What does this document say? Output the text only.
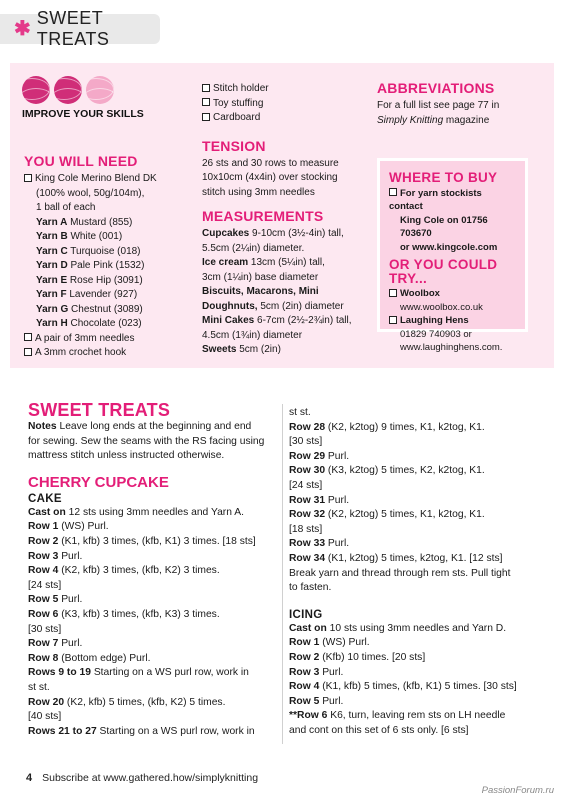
✱ SWEET TREATS
IMPROVE YOUR SKILLS
YOU WILL NEED
King Cole Merino Blend DK
(100% wool, 50g/104m),
1 ball of each
Yarn A Mustard (855)
Yarn B White (001)
Yarn C Turquoise (018)
Yarn D Pale Pink (1532)
Yarn E Rose Hip (3091)
Yarn F Lavender (927)
Yarn G Chestnut (3089)
Yarn H Chocolate (023)
A pair of 3mm needles
A 3mm crochet hook
Stitch holder
Toy stuffing
Cardboard
TENSION
26 sts and 30 rows to measure
10x10cm (4x4in) over stocking
stitch using 3mm needles
MEASUREMENTS
Cupcakes 9-10cm (3½-4in) tall,
5.5cm (2¼in) diameter.
Ice cream 13cm (5¼in) tall,
3cm (1¼in) base diameter
Biscuits, Macarons, Mini
Doughnuts, 5cm (2in) diameter
Mini Cakes 6-7cm (2½-2¾in) tall,
4.5cm (1¾in) diameter
Sweets 5cm (2in)
ABBREVIATIONS
For a full list see page 77 in
Simply Knitting magazine
WHERE TO BUY
For yarn stockists contact
King Cole on 01756 703670
or www.kingcole.com
OR YOU COULD TRY...
Woolbox
www.woolbox.co.uk
Laughing Hens
01829 740903 or
www.laughinghens.com.
SWEET TREATS
Notes Leave long ends at the beginning and end
for sewing. Sew the seams with the RS facing using
mattress stitch unless instructed otherwise.
CHERRY CUPCAKE
CAKE
Cast on 12 sts using 3mm needles and Yarn A.
Row 1 (WS) Purl.
Row 2 (K1, kfb) 3 times, (kfb, K1) 3 times. [18 sts]
Row 3 Purl.
Row 4 (K2, kfb) 3 times, (kfb, K2) 3 times.
[24 sts]
Row 5 Purl.
Row 6 (K3, kfb) 3 times, (kfb, K3) 3 times.
[30 sts]
Row 7 Purl.
Row 8 (Bottom edge) Purl.
Rows 9 to 19 Starting on a WS purl row, work in
st st.
Row 20 (K2, kfb) 5 times, (kfb, K2) 5 times.
[40 sts]
Rows 21 to 27 Starting on a WS purl row, work in
st st.
Row 28 (K2, k2tog) 9 times, K1, k2tog, K1.
[30 sts]
Row 29 Purl.
Row 30 (K3, k2tog) 5 times, K2, k2tog, K1.
[24 sts]
Row 31 Purl.
Row 32 (K2, k2tog) 5 times, K1, k2tog, K1.
[18 sts]
Row 33 Purl.
Row 34 (K1, k2tog) 5 times, k2tog, K1. [12 sts]
Break yarn and thread through rem sts. Pull tight
to fasten.
ICING
Cast on 10 sts using 3mm needles and Yarn D.
Row 1 (WS) Purl.
Row 2 (Kfb) 10 times. [20 sts]
Row 3 Purl.
Row 4 (K1, kfb) 5 times, (kfb, K1) 5 times. [30 sts]
Row 5 Purl.
**Row 6 K6, turn, leaving rem sts on LH needle
and cont on this set of 6 sts only. [6 sts]
4 Subscribe at www.gathered.how/simplyknitting
PassionForum.ru
